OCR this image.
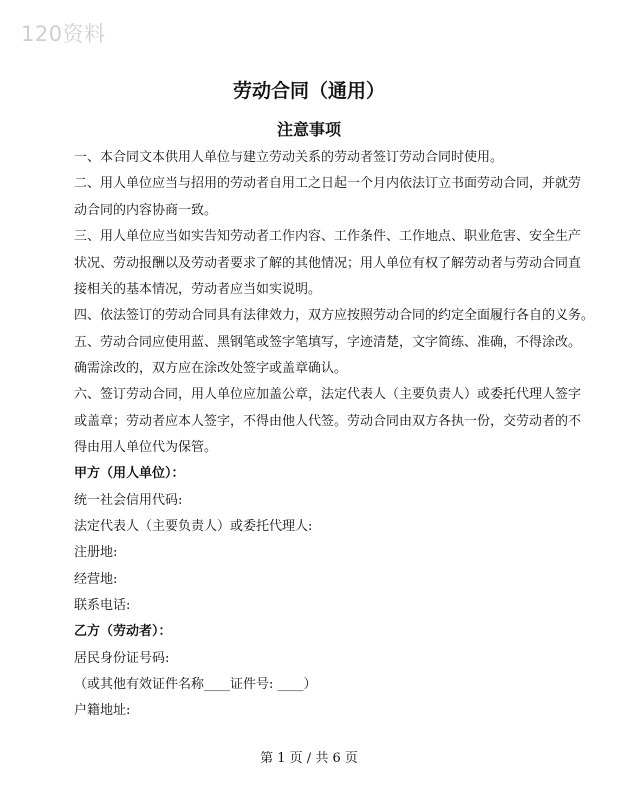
120资料
劳动合同（通用）
注意事项
一、本合同文本供用人单位与建立劳动关系的劳动者签订劳动合同时使用。
二、用人单位应当与招用的劳动者自用工之日起一个月内依法订立书面劳动合同，并就劳
动合同的内容协商一致。
三、用人单位应当如实告知劳动者工作内容、工作条件、工作地点、职业危害、安全生产
状况、劳动报酬以及劳动者要求了解的其他情况；用人单位有权了解劳动者与劳动合同直
接相关的基本情况，劳动者应当如实说明。
四、依法签订的劳动合同具有法律效力，双方应按照劳动合同的约定全面履行各自的义务。
五、劳动合同应使用蓝、黑钢笔或签字笔填写，字迹清楚，文字简练、准确，不得涂改。
确需涂改的，双方应在涂改处签字或盖章确认。
六、签订劳动合同，用人单位应加盖公章，法定代表人（主要负责人）或委托代理人签字
或盖章；劳动者应本人签字，不得由他人代签。劳动合同由双方各执一份，交劳动者的不
得由用人单位代为保管。
甲方（用人单位）：
统一社会信用代码:
法定代表人（主要负责人）或委托代理人:
注册地:
经营地:
联系电话:
乙方（劳动者）：
居民身份证号码:
（或其他有效证件名称____证件号: ____）
户籍地址:
第 1 页 / 共 6 页
